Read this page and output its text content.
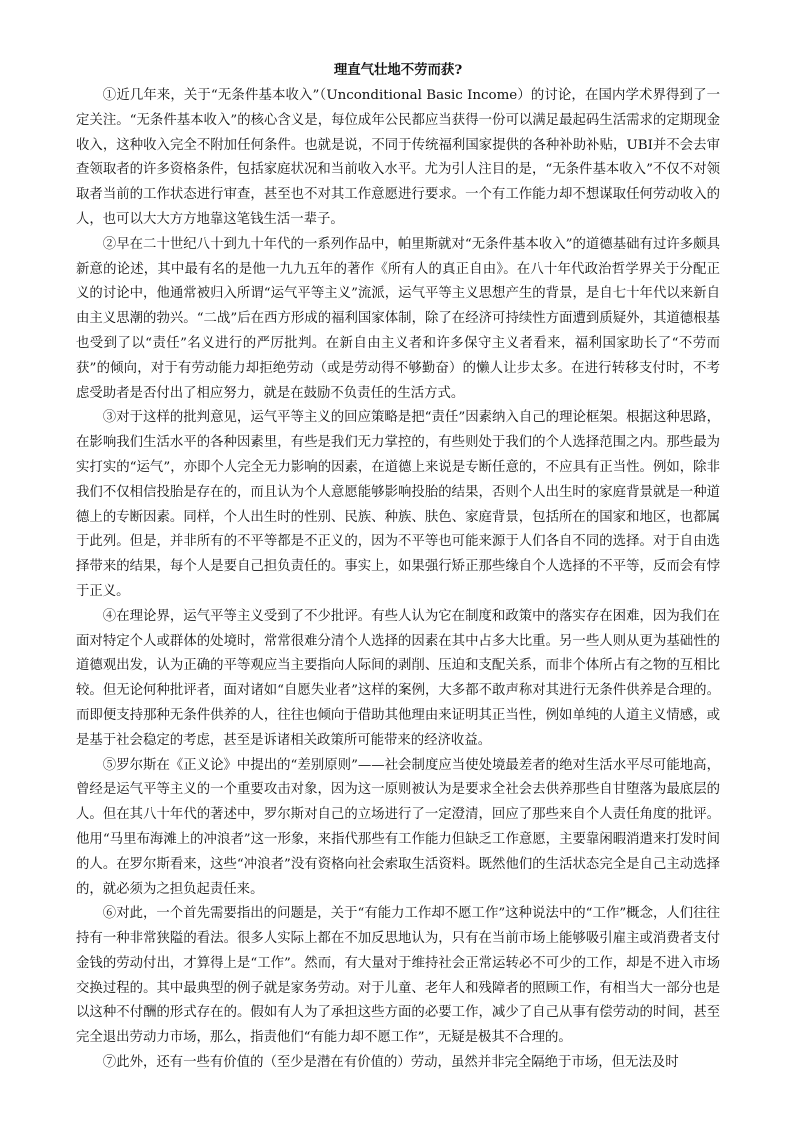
理直气壮地不劳而获?

①近几年来，关于“无条件基本收入”（Unconditional Basic Income）的讨论，在国内学术界得到了一定关注。“无条件基本收入”的核心含义是，每位成年公民都应当获得一份可以满足最起码生活需求的定期现金收入，这种收入完全不附加任何条件。也就是说，不同于传统福利国家提供的各种补助补贴，UBI并不会去审查领取者的许多资格条件，包括家庭状况和当前收入水平。尤为引人注目的是，“无条件基本收入”不仅不对领取者当前的工作状态进行审查，甚至也不对其工作意愿进行要求。一个有工作能力却不想谋取任何劳动收入的人，也可以大大方方地靠这笔钱生活一辈子。

②早在二十世纪八十到九十年代的一系列作品中，帕里斯就对“无条件基本收入”的道德基础有过许多颇具新意的论述，其中最有名的是他一九九五年的著作《所有人的真正自由》。在八十年代政治哲学界关于分配正义的讨论中，他通常被归入所谓“运气平等主义”流派，运气平等主义思想产生的背景，是自七十年代以来新自由主义思潮的勃兴。“二战”后在西方形成的福利国家体制，除了在经济可持续性方面遭到质疑外，其道德根基也受到了以“责任”名义进行的严厉批判。在新自由主义者和许多保守主义者看来，福利国家助长了“不劳而获”的倾向，对于有劳动能力却拒绝劳动（或是劳动得不够勤奋）的懒人让步太多。在进行转移支付时，不考虑受助者是否付出了相应努力，就是在鼓励不负责任的生活方式。

③对于这样的批判意见，运气平等主义的回应策略是把“责任”因素纳入自己的理论框架。根据这种思路，在影响我们生活水平的各种因素里，有些是我们无力掌控的，有些则处于我们的个人选择范围之内。那些最为实打实的“运气”，亦即个人完全无力影响的因素，在道德上来说是专断任意的，不应具有正当性。例如，除非我们不仅相信投胎是存在的，而且认为个人意愿能够影响投胎的结果，否则个人出生时的家庭背景就是一种道德上的专断因素。同样，个人出生时的性别、民族、种族、肤色、家庭背景，包括所在的国家和地区，也都属于此列。但是，并非所有的不平等都是不正义的，因为不平等也可能来源于人们各自不同的选择。对于自由选择带来的结果，每个人是要自己担负责任的。事实上，如果强行矫正那些缘自个人选择的不平等，反而会有悖于正义。

④在理论界，运气平等主义受到了不少批评。有些人认为它在制度和政策中的落实存在困难，因为我们在面对特定个人或群体的处境时，常常很难分清个人选择的因素在其中占多大比重。另一些人则从更为基础性的道德观出发，认为正确的平等观应当主要指向人际间的剥削、压迫和支配关系，而非个体所占有之物的互相比较。但无论何种批评者，面对诸如“自愿失业者”这样的案例，大多都不敢声称对其进行无条件供养是合理的。而即便支持那种无条件供养的人，往往也倾向于借助其他理由来证明其正当性，例如单纯的人道主义情感，或是基于社会稳定的考虑，甚至是诉诸相关政策所可能带来的经济收益。

⑤罗尔斯在《正义论》中提出的“差别原则”——社会制度应当使处境最差者的绝对生活水平尽可能地高，曾经是运气平等主义的一个重要攻击对象，因为这一原则被认为是要求全社会去供养那些自甘堕落为最底层的人。但在其八十年代的著述中，罗尔斯对自己的立场进行了一定澄清，回应了那些来自个人责任角度的批评。他用“马里布海滩上的冲浪者”这一形象，来指代那些有工作能力但缺乏工作意愿，主要靠闲暇消遣来打发时间的人。在罗尔斯看来，这些“冲浪者”没有资格向社会索取生活资料。既然他们的生活状态完全是自己主动选择的，就必须为之担负起责任来。

⑥对此，一个首先需要指出的问题是，关于“有能力工作却不愿工作”这种说法中的“工作”概念，人们往往持有一种非常狭隘的看法。很多人实际上都在不加反思地认为，只有在当前市场上能够吸引雇主或消费者支付金钱的劳动付出，才算得上是“工作”。然而，有大量对于维持社会正常运转必不可少的工作，却是不进入市场交换过程的。其中最典型的例子就是家务劳动。对于儿童、老年人和残障者的照顾工作，有相当大一部分也是以这种不付酬的形式存在的。假如有人为了承担这些方面的必要工作，减少了自己从事有偿劳动的时间，甚至完全退出劳动力市场，那么，指责他们“有能力却不愿工作”，无疑是极其不合理的。

⑦此外，还有一些有价值的（至少是潜在有价值的）劳动，虽然并非完全隔绝于市场，但无法及时
